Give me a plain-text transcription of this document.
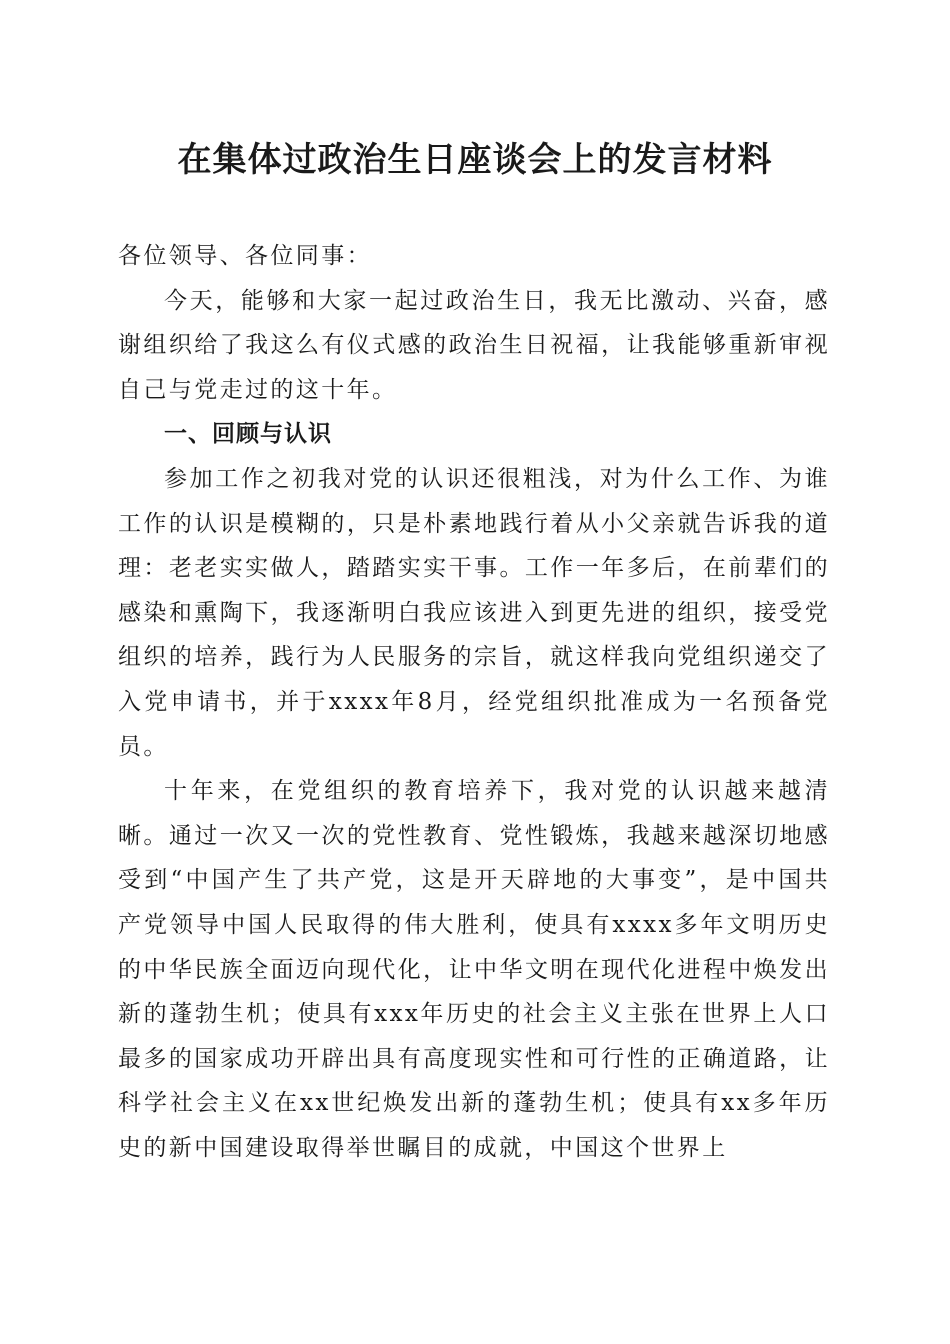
在集体过政治生日座谈会上的发言材料

各位领导、各位同事：

今天，能够和大家一起过政治生日，我无比激动、兴奋，感谢组织给了我这么有仪式感的政治生日祝福，让我能够重新审视自己与党走过的这十年。

一、回顾与认识

参加工作之初我对党的认识还很粗浅，对为什么工作、为谁工作的认识是模糊的，只是朴素地践行着从小父亲就告诉我的道理：老老实实做人，踏踏实实干事。工作一年多后，在前辈们的感染和熏陶下，我逐渐明白我应该进入到更先进的组织，接受党组织的培养，践行为人民服务的宗旨，就这样我向党组织递交了入党申请书，并于xxxx年8月，经党组织批准成为一名预备党员。

十年来，在党组织的教育培养下，我对党的认识越来越清晰。通过一次又一次的党性教育、党性锻炼，我越来越深切地感受到“中国产生了共产党，这是开天辟地的大事变”，是中国共产党领导中国人民取得的伟大胜利，使具有xxxx多年文明历史的中华民族全面迈向现代化，让中华文明在现代化进程中焕发出新的蓬勃生机；使具有xxx年历史的社会主义主张在世界上人口最多的国家成功开辟出具有高度现实性和可行性的正确道路，让科学社会主义在xx世纪焕发出新的蓬勃生机；使具有xx多年历史的新中国建设取得举世瞩目的成就，中国这个世界上
